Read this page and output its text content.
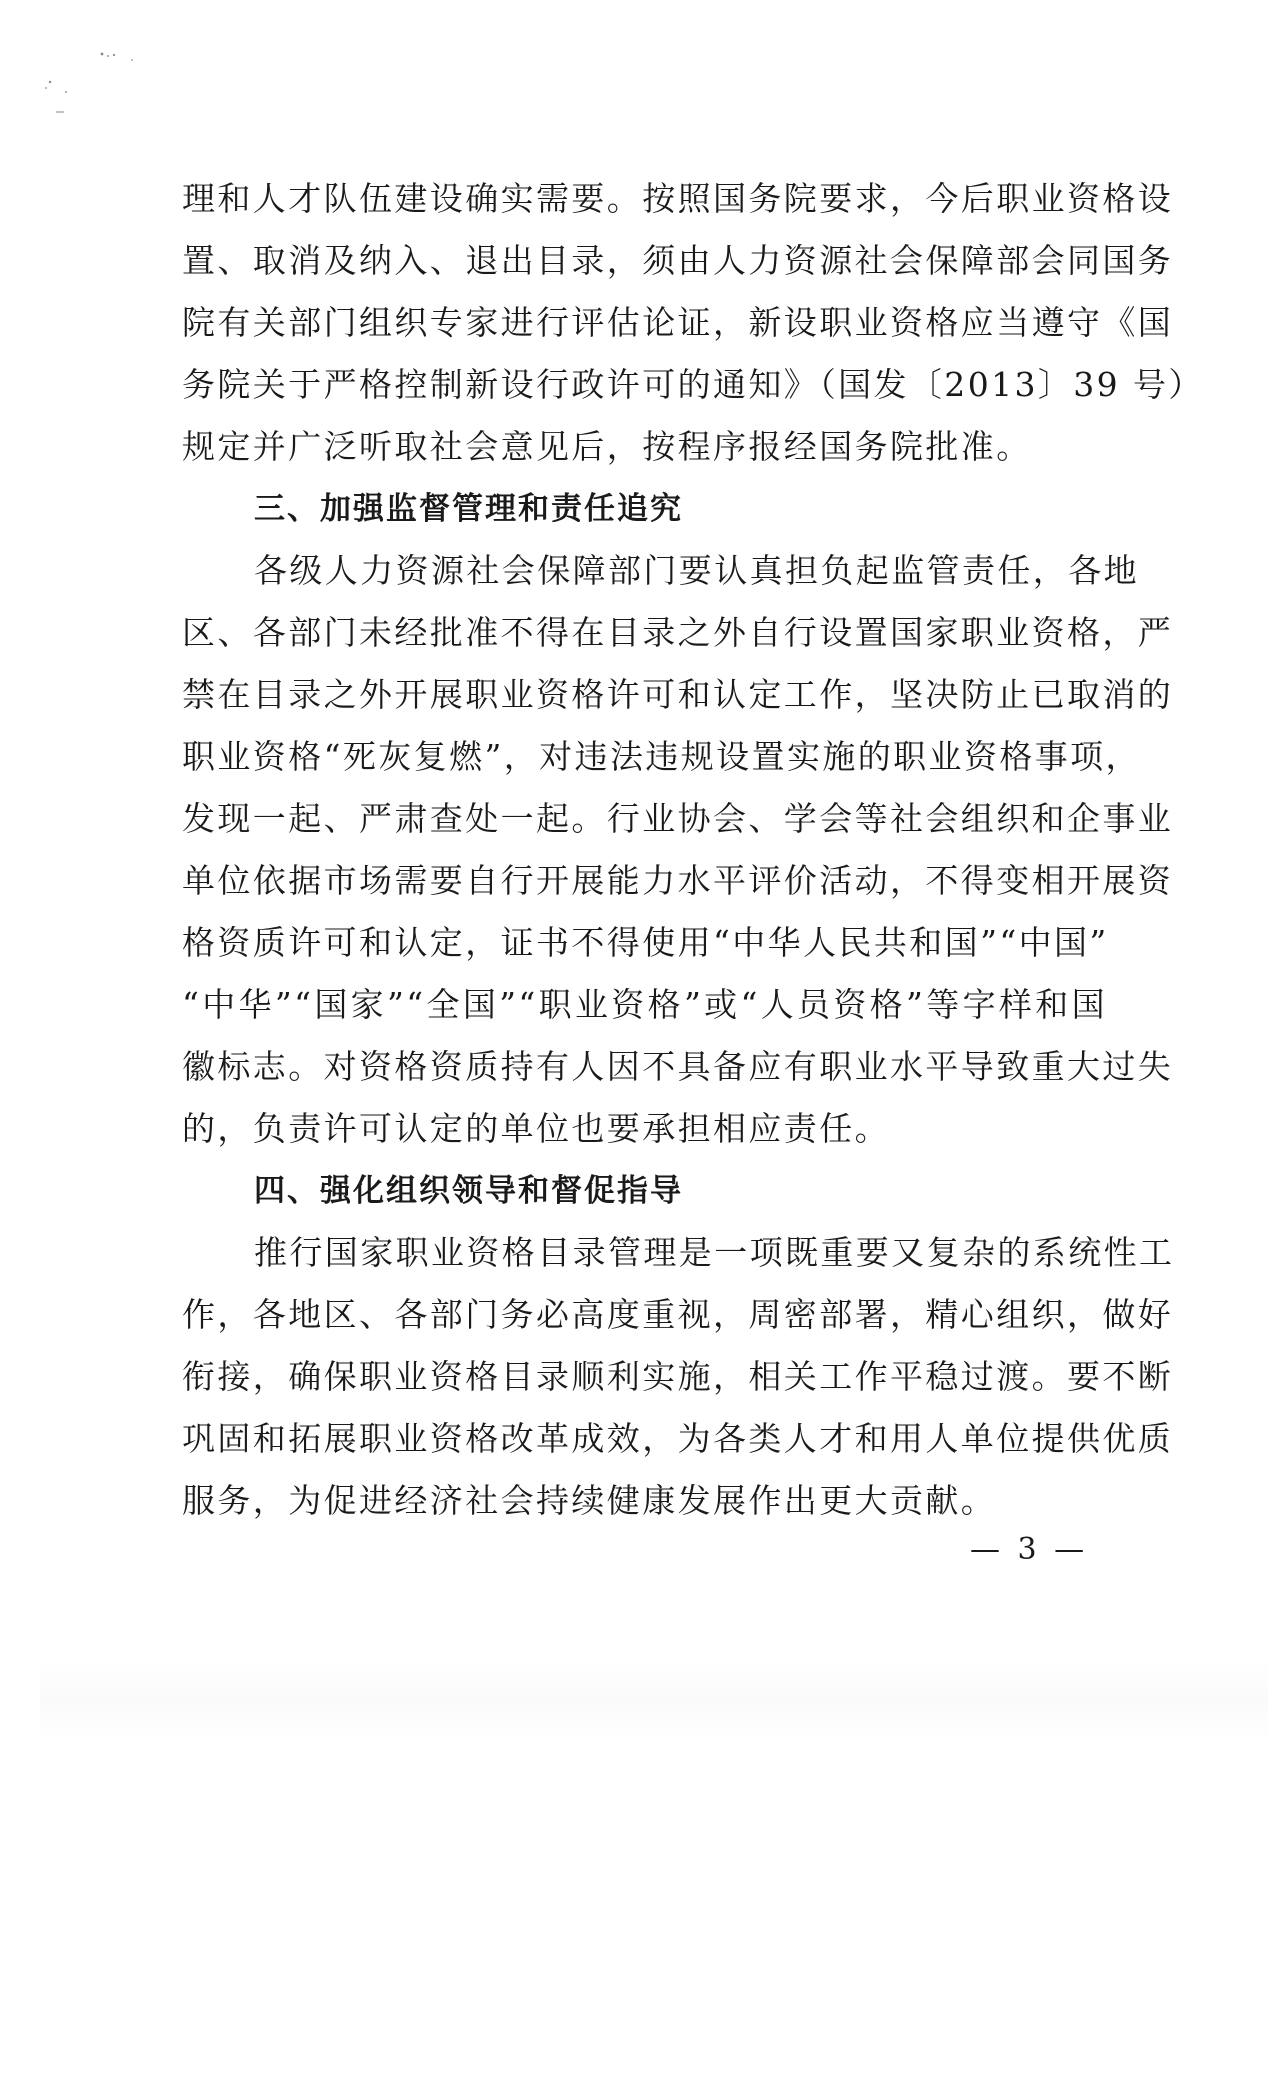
理和人才队伍建设确实需要。按照国务院要求，今后职业资格设
置、取消及纳入、退出目录，须由人力资源社会保障部会同国务
院有关部门组织专家进行评估论证，新设职业资格应当遵守《国
务院关于严格控制新设行政许可的通知》（国发〔2013〕39 号）
规定并广泛听取社会意见后，按程序报经国务院批准。
三、加强监督管理和责任追究
各级人力资源社会保障部门要认真担负起监管责任，各地
区、各部门未经批准不得在目录之外自行设置国家职业资格，严
禁在目录之外开展职业资格许可和认定工作，坚决防止已取消的
职业资格“死灰复燃”，对违法违规设置实施的职业资格事项，
发现一起、严肃查处一起。行业协会、学会等社会组织和企事业
单位依据市场需要自行开展能力水平评价活动，不得变相开展资
格资质许可和认定，证书不得使用“中华人民共和国”“中国”
“中华”“国家”“全国”“职业资格”或“人员资格”等字样和国
徽标志。对资格资质持有人因不具备应有职业水平导致重大过失
的，负责许可认定的单位也要承担相应责任。
四、强化组织领导和督促指导
推行国家职业资格目录管理是一项既重要又复杂的系统性工
作，各地区、各部门务必高度重视，周密部署，精心组织，做好
衔接，确保职业资格目录顺利实施，相关工作平稳过渡。要不断
巩固和拓展职业资格改革成效，为各类人才和用人单位提供优质
服务，为促进经济社会持续健康发展作出更大贡献。
— 3 —
